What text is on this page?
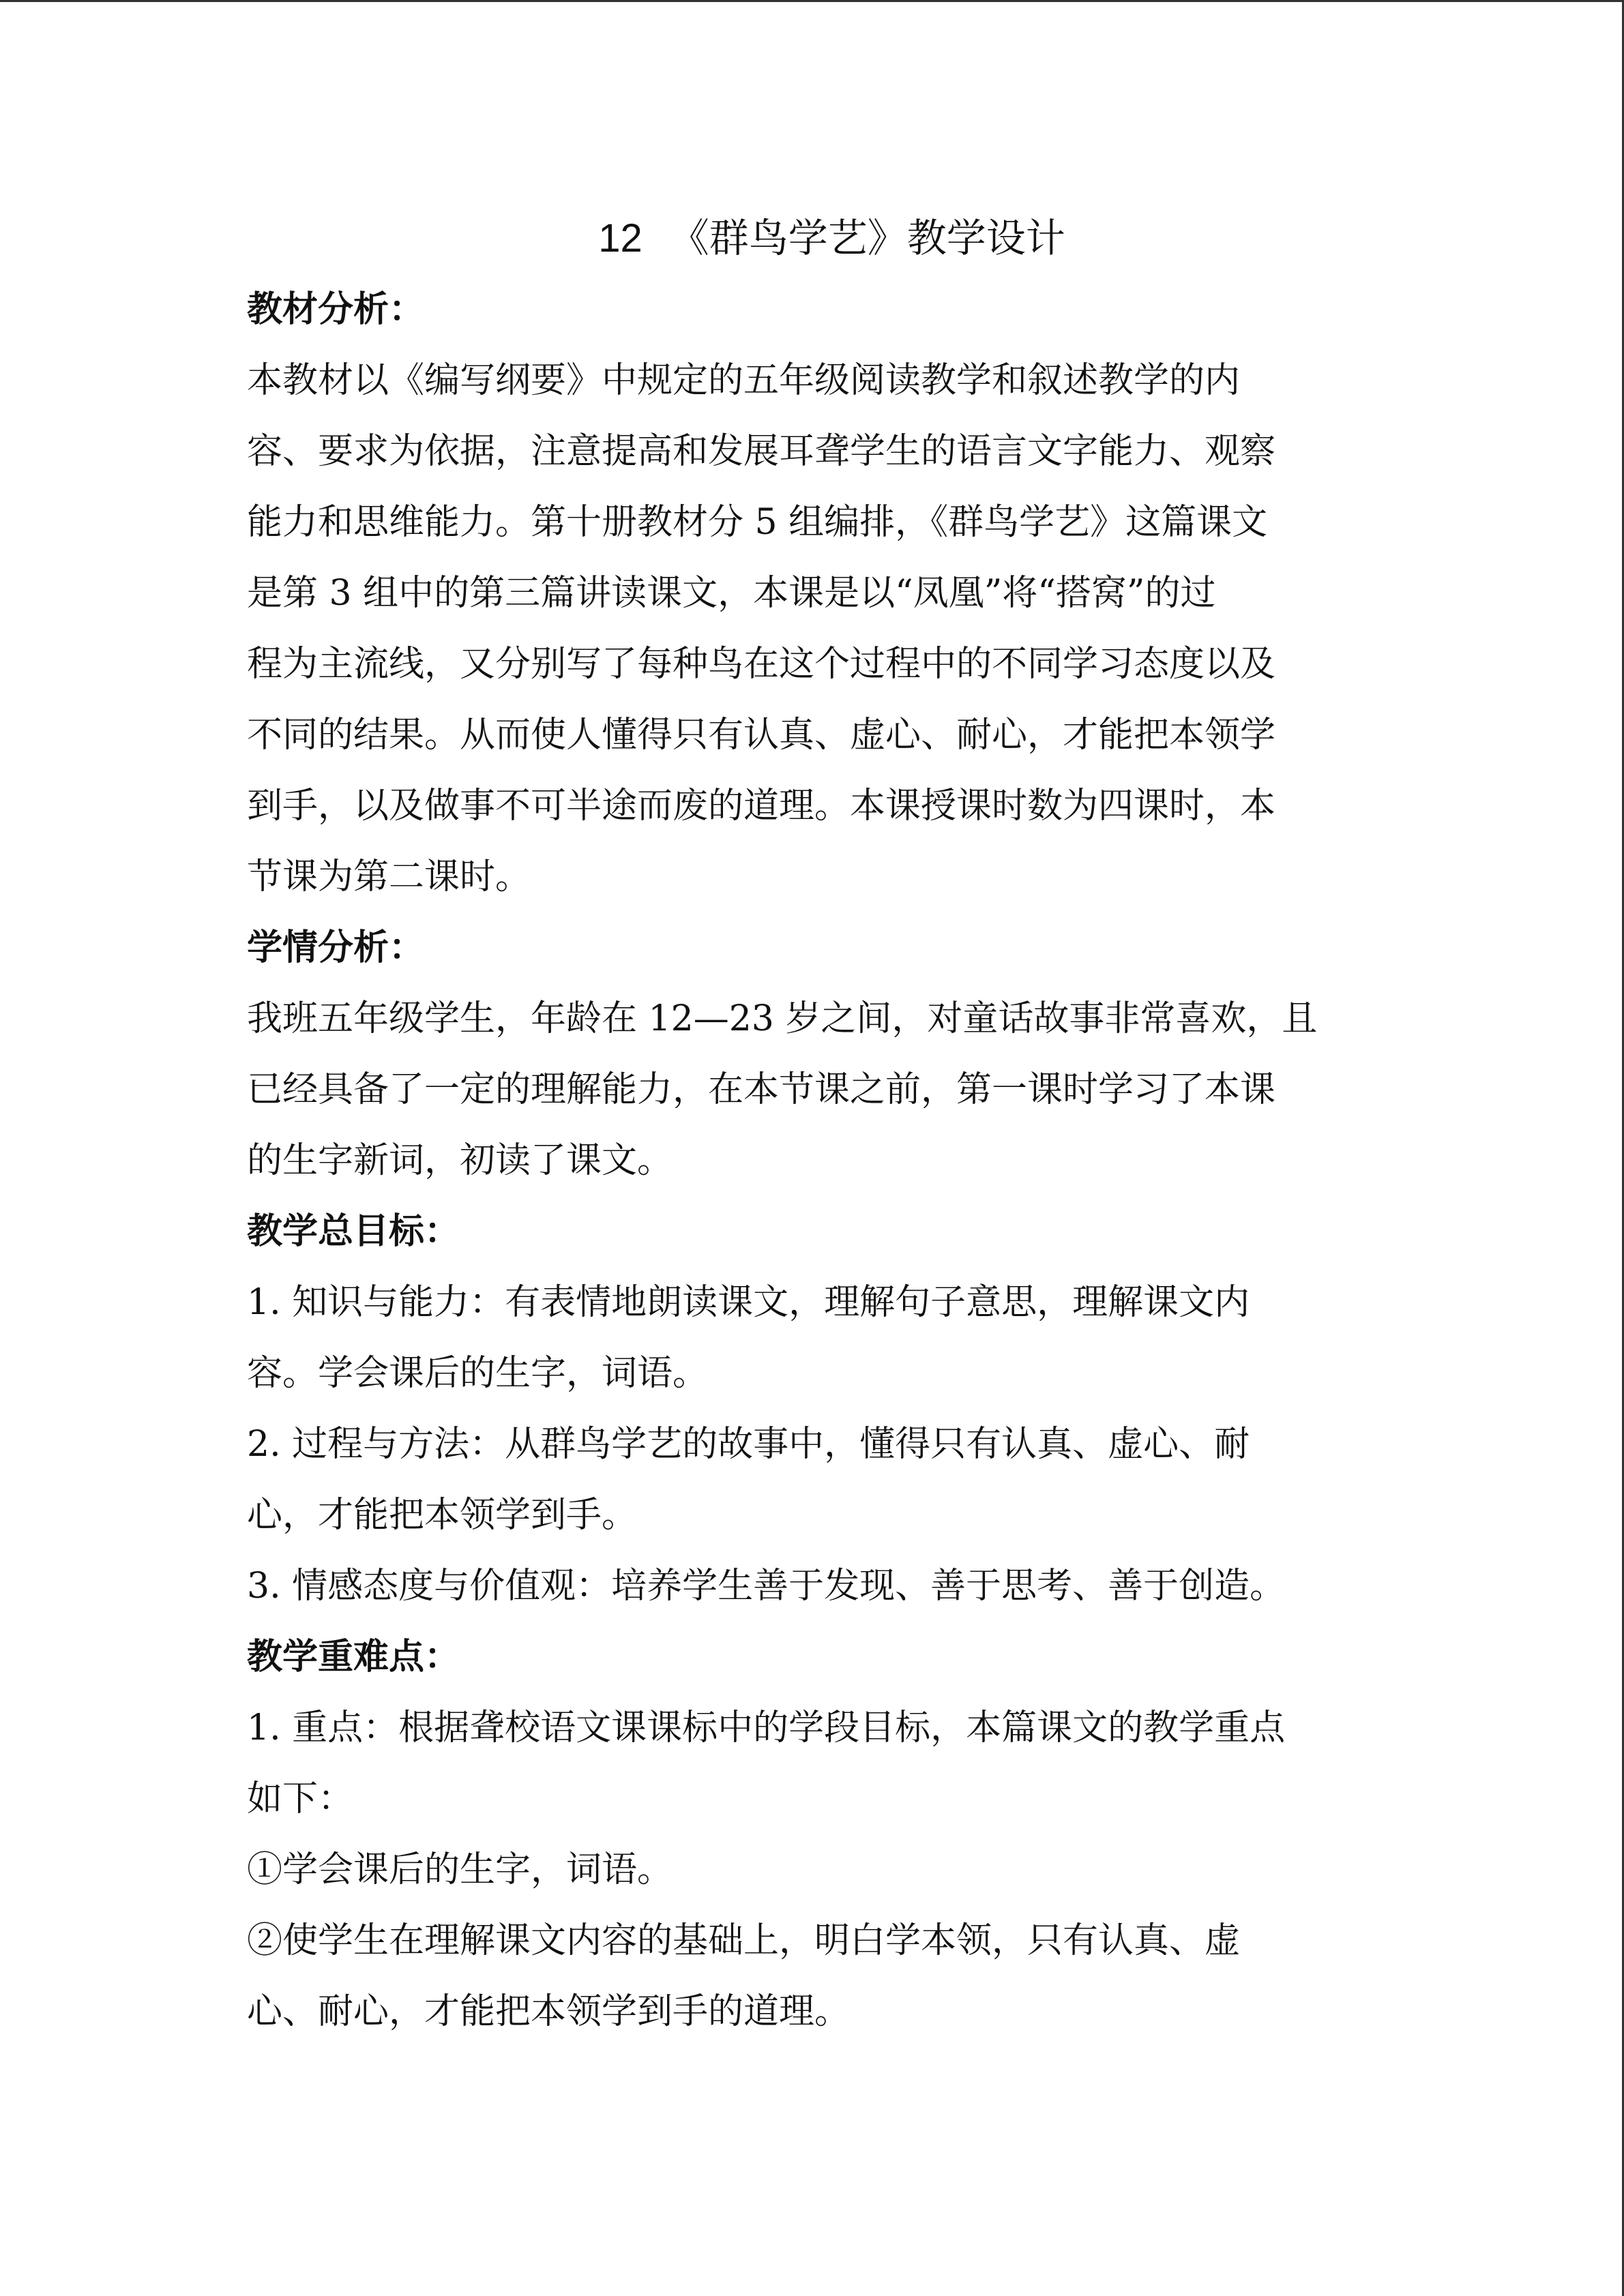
12 《群鸟学艺》教学设计
教材分析：
本教材以《编写纲要》中规定的五年级阅读教学和叙述教学的内
容、要求为依据，注意提高和发展耳聋学生的语言文字能力、观察
能力和思维能力。第十册教材分 5 组编排，《群鸟学艺》这篇课文
是第 3 组中的第三篇讲读课文，本课是以“凤凰”将“搭窝”的过
程为主流线，又分别写了每种鸟在这个过程中的不同学习态度以及
不同的结果。从而使人懂得只有认真、虚心、耐心，才能把本领学
到手，以及做事不可半途而废的道理。本课授课时数为四课时，本
节课为第二课时。
学情分析：
我班五年级学生，年龄在 12—23 岁之间，对童话故事非常喜欢，且
已经具备了一定的理解能力，在本节课之前，第一课时学习了本课
的生字新词，初读了课文。
教学总目标：
1. 知识与能力：有表情地朗读课文，理解句子意思，理解课文内
容。学会课后的生字，词语。
2. 过程与方法：从群鸟学艺的故事中，懂得只有认真、虚心、耐
心，才能把本领学到手。
3. 情感态度与价值观：培养学生善于发现、善于思考、善于创造。
教学重难点：
1. 重点：根据聋校语文课课标中的学段目标，本篇课文的教学重点
如下：
①学会课后的生字，词语。
②使学生在理解课文内容的基础上，明白学本领，只有认真、虚
心、耐心，才能把本领学到手的道理。
